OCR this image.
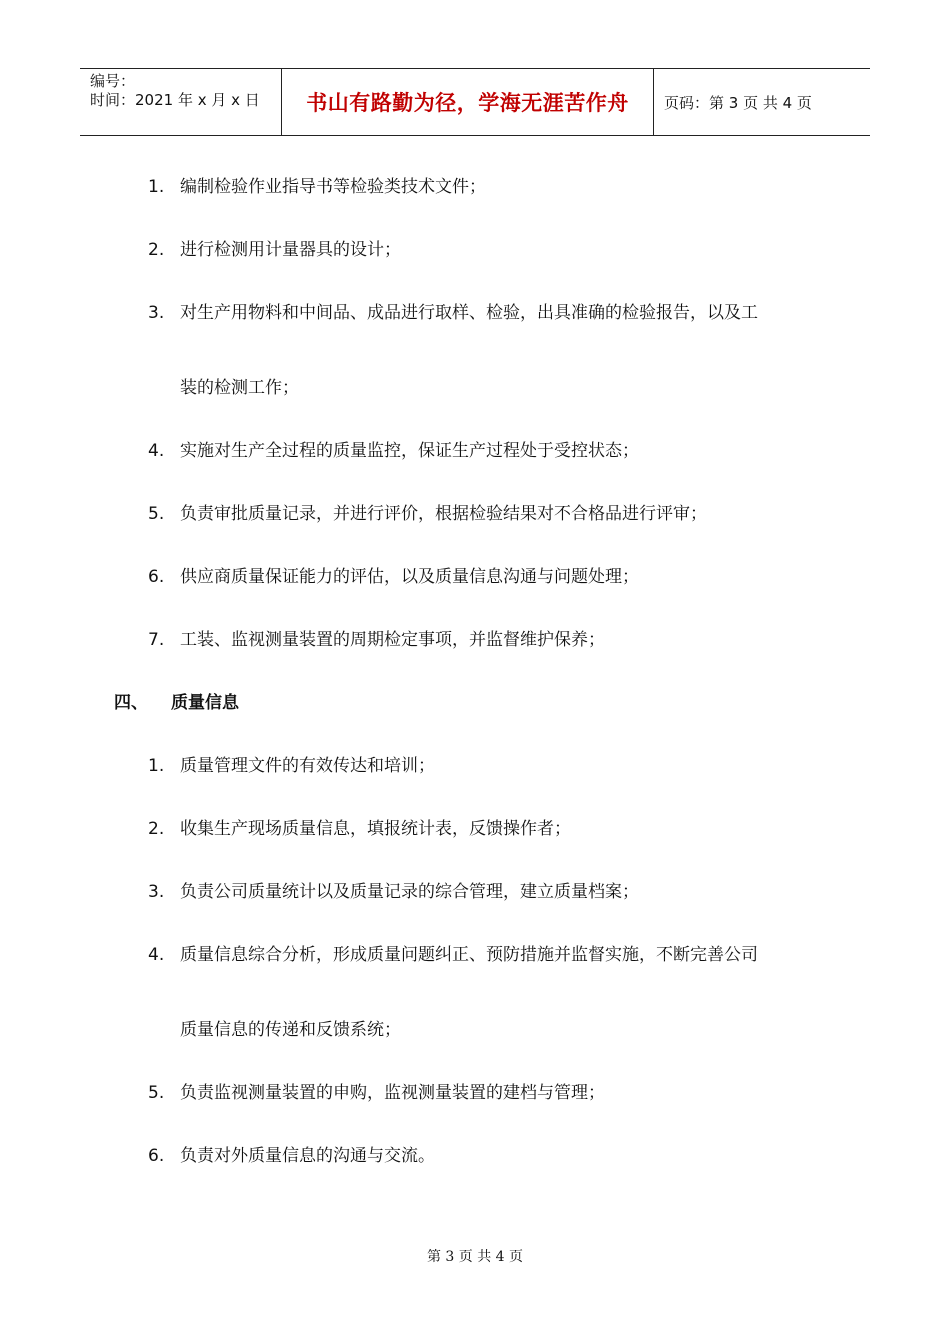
编号：
时间：2021 年 x 月 x 日	书山有路勤为径，学海无涯苦作舟	页码：第 3 页 共 4 页
1. 编制检验作业指导书等检验类技术文件；
2. 进行检测用计量器具的设计；
3. 对生产用物料和中间品、成品进行取样、检验，出具准确的检验报告，以及工
装的检测工作；
4. 实施对生产全过程的质量监控，保证生产过程处于受控状态；
5. 负责审批质量记录，并进行评价，根据检验结果对不合格品进行评审；
6. 供应商质量保证能力的评估，以及质量信息沟通与问题处理；
7. 工装、监视测量装置的周期检定事项，并监督维护保养；
四、 质量信息
1. 质量管理文件的有效传达和培训；
2. 收集生产现场质量信息，填报统计表，反馈操作者；
3. 负责公司质量统计以及质量记录的综合管理，建立质量档案；
4. 质量信息综合分析，形成质量问题纠正、预防措施并监督实施，不断完善公司
质量信息的传递和反馈系统；
5. 负责监视测量装置的申购，监视测量装置的建档与管理；
6. 负责对外质量信息的沟通与交流。
第 3 页 共 4 页
